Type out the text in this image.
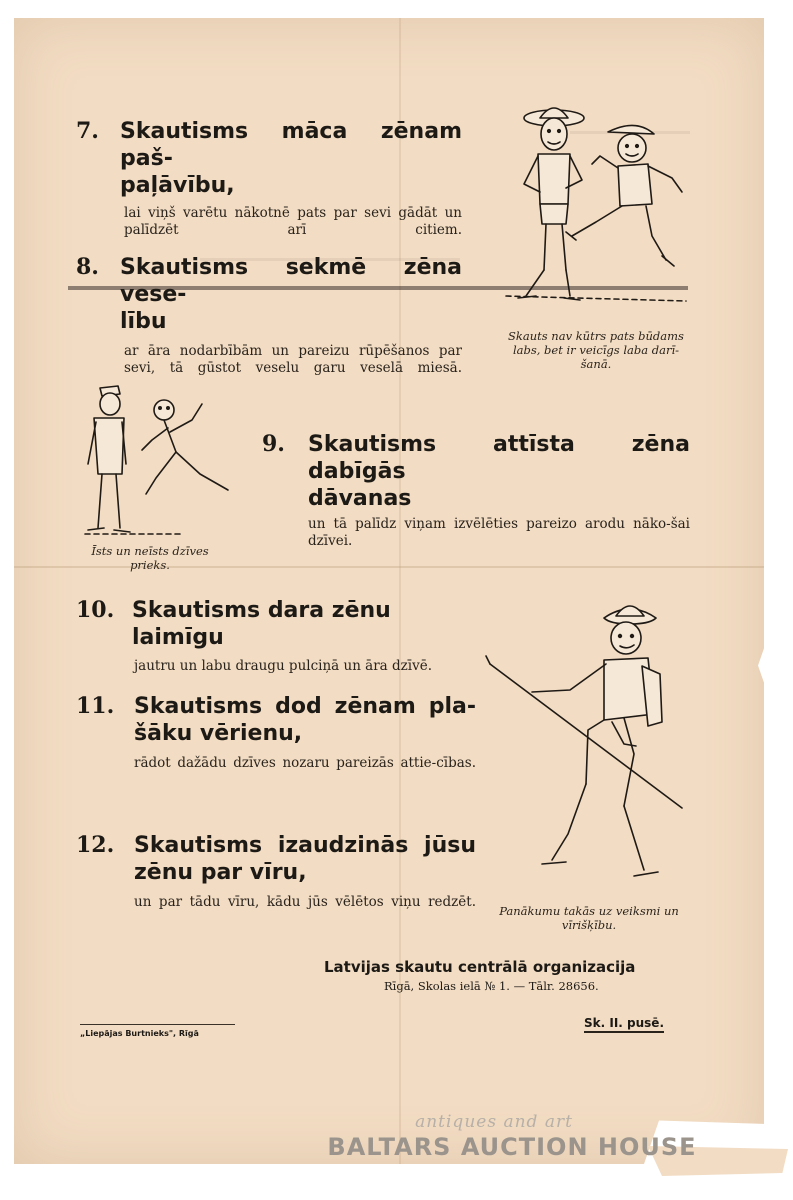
7. Skautisms māca zēnam paš-
paļāvību,
lai viņš varētu nākotnē pats par sevi gādāt un palīdzēt arī citiem.
8. Skautisms sekmē zēna vese-
lību
ar āra nodarbībām un pareizu rūpēšanos par sevi, tā gūstot veselu garu veselā miesā.
9.	Skautisms attīsta zēna dabīgās
dāvanas
un tā palīdz viņam izvēlēties pareizo arodu nāko-šai dzīvei.
10. Skautisms dara zēnu laimīgu
jautru un labu draugu pulciņā un āra dzīvē.
11. Skautisms dod zēnam pla-
šāku vērienu,
rādot dažādu dzīves nozaru pareizās attie-cības.
12. Skautisms izaudzinās jūsu
zēnu par vīru,
un par tādu vīru, kādu jūs vēlētos viņu redzēt.
Skauts nav kūtrs pats būdams labs, bet ir veicīgs laba darī-šanā.
Īsts un neīsts dzīves prieks.
Panākumu takās uz veiksmi un vīrišķību.
Latvijas skautu centrālā organizacija
Rīgā, Skolas ielā № 1. — Tālr. 28656.
„Liepājas Burtnieks", Rīgā
Sk. II. pusē.
antiques and art
BALTARS AUCTION HOUSE
